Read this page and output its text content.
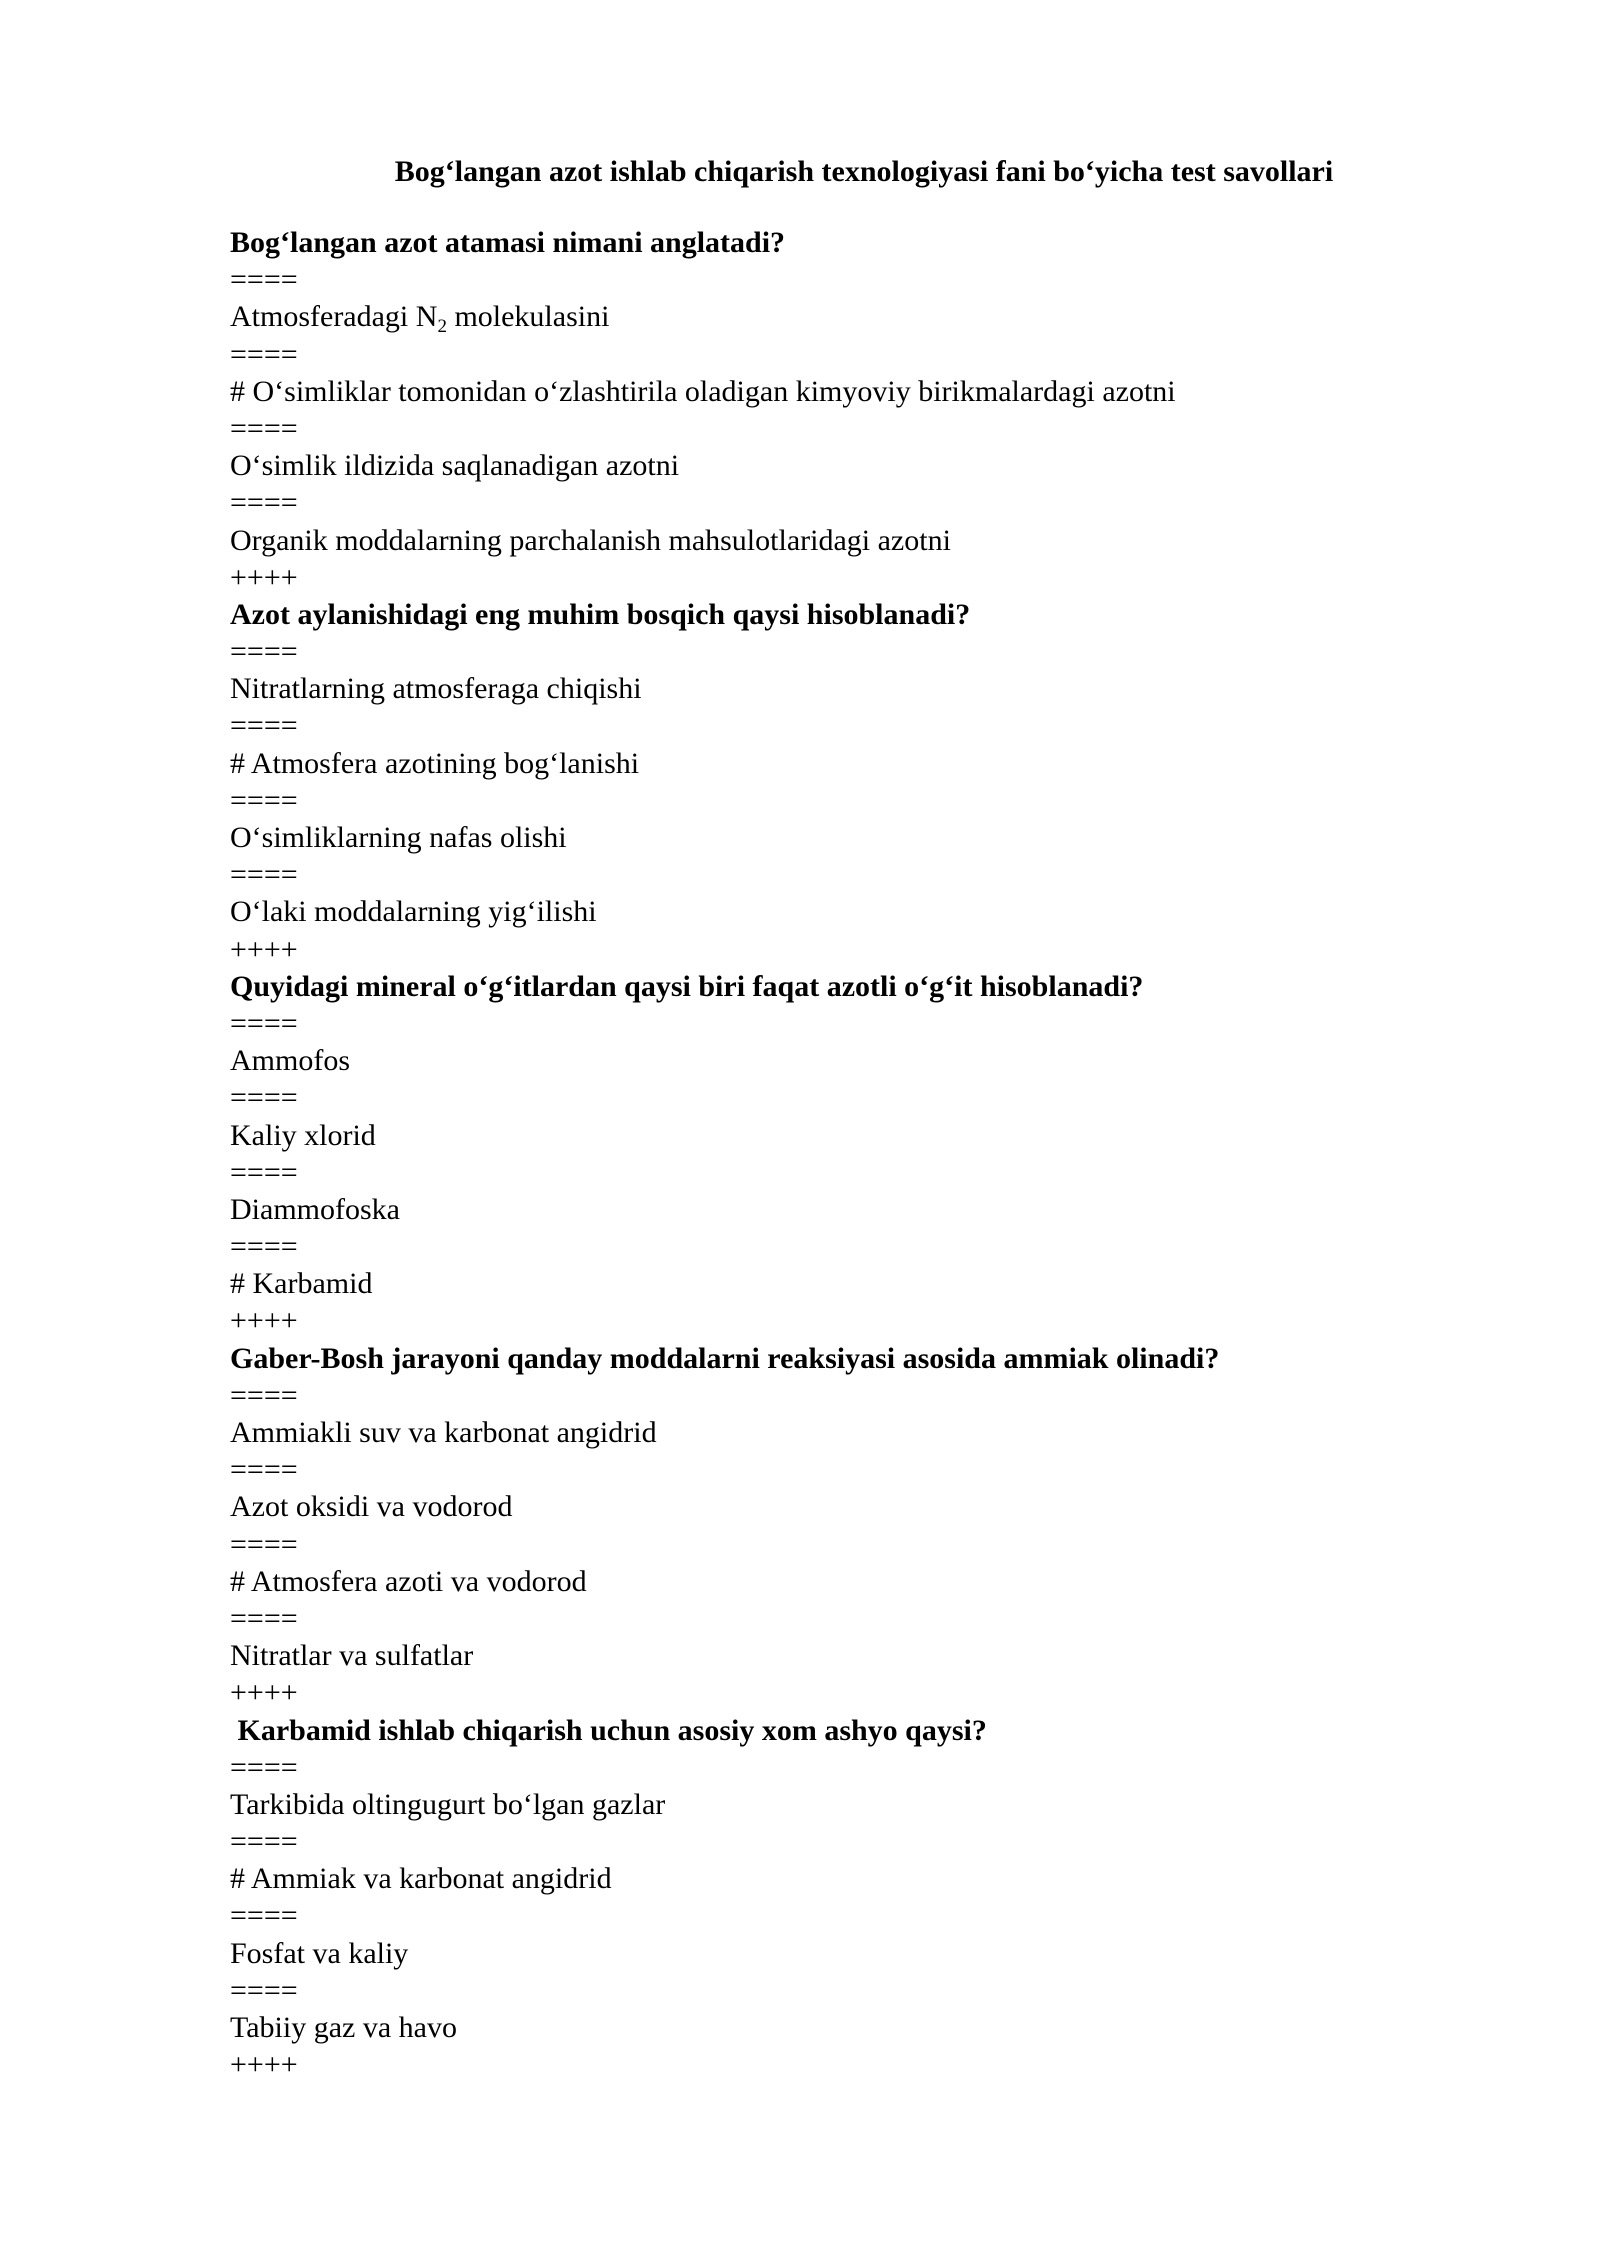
Bog‘langan azot ishlab chiqarish texnologiyasi fani bo‘yicha test savollari
Bog‘langan azot atamasi nimani anglatadi?
====
Atmosferadagi $N_2$ molekulasini
====
# O‘simliklar tomonidan o‘zlashtirila oladigan kimyoviy birikmalardagi azotni
====
O‘simlik ildizida saqlanadigan azotni
====
Organik moddalarning parchalanish mahsulotlaridagi azotni
++++
Azot aylanishidagi eng muhim bosqich qaysi hisoblanadi?
====
Nitratlarning atmosferaga chiqishi
====
# Atmosfera azotining bog‘lanishi
====
O‘simliklarning nafas olishi
====
O‘laki moddalarning yig‘ilishi
++++
Quyidagi mineral o‘g‘itlardan qaysi biri faqat azotli o‘g‘it hisoblanadi?
====
Ammofos
====
Kaliy xlorid
====
Diammofoska
====
# Karbamid
++++
Gaber-Bosh jarayoni qanday moddalarni reaksiyasi asosida ammiak olinadi?
====
Ammiakli suv va karbonat angidrid
====
Azot oksidi va vodorod
====
# Atmosfera azoti va vodorod
====
Nitratlar va sulfatlar
++++
Karbamid ishlab chiqarish uchun asosiy xom ashyo qaysi?
====
Tarkibida oltingugurt bo‘lgan gazlar
====
# Ammiak va karbonat angidrid
====
Fosfat va kaliy
====
Tabiiy gaz va havo
++++
